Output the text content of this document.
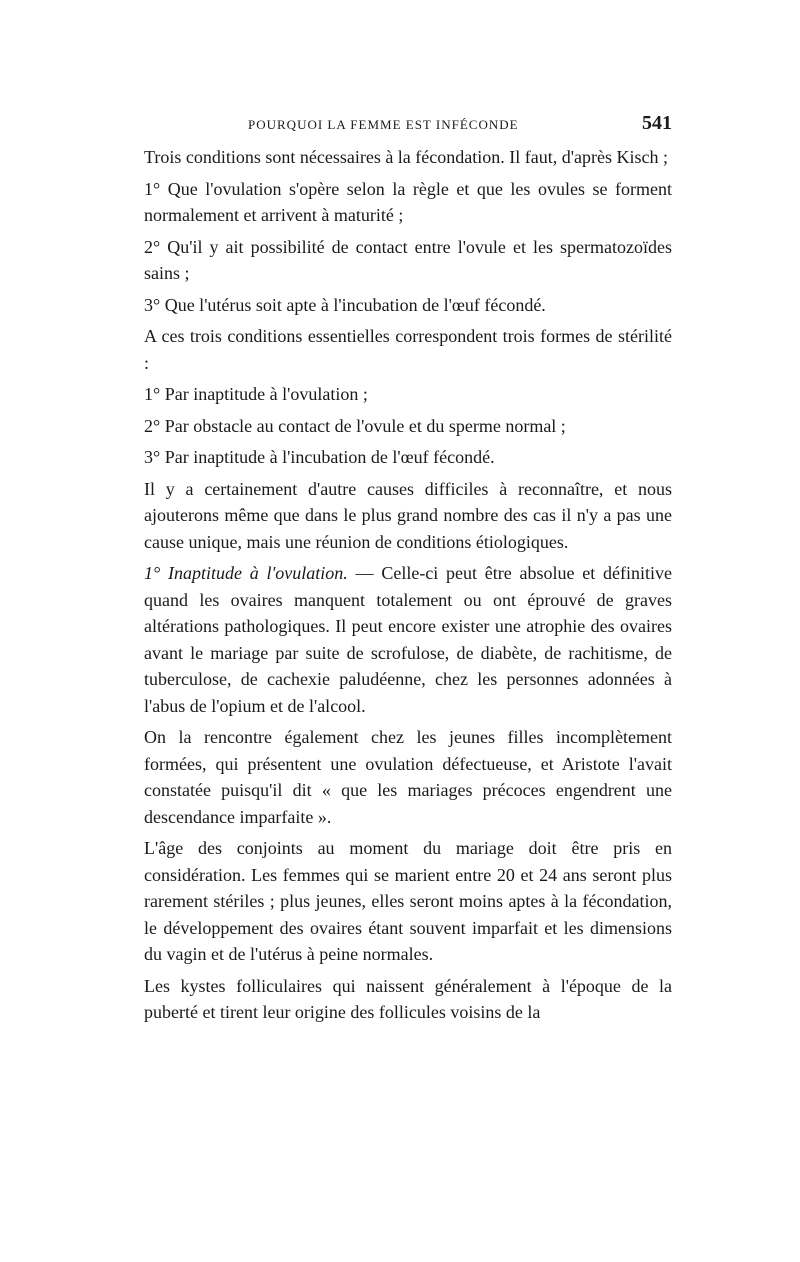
POURQUOI LA FEMME EST INFÉCONDE	541

Trois conditions sont nécessaires à la fécondation. Il faut, d'après Kisch ;

1° Que l'ovulation s'opère selon la règle et que les ovules se forment normalement et arrivent à maturité ;

2° Qu'il y ait possibilité de contact entre l'ovule et les spermatozoïdes sains ;

3° Que l'utérus soit apte à l'incubation de l'œuf fécondé.

A ces trois conditions essentielles correspondent trois formes de stérilité :

1° Par inaptitude à l'ovulation ;

2° Par obstacle au contact de l'ovule et du sperme normal ;

3° Par inaptitude à l'incubation de l'œuf fécondé.

Il y a certainement d'autre causes difficiles à reconnaître, et nous ajouterons même que dans le plus grand nombre des cas il n'y a pas une cause unique, mais une réunion de conditions étiologiques.

1° Inaptitude à l'ovulation. — Celle-ci peut être absolue et définitive quand les ovaires manquent totalement ou ont éprouvé de graves altérations pathologiques. Il peut encore exister une atrophie des ovaires avant le mariage par suite de scrofulose, de diabète, de rachitisme, de tuberculose, de cachexie paludéenne, chez les personnes adonnées à l'abus de l'opium et de l'alcool.

On la rencontre également chez les jeunes filles incomplètement formées, qui présentent une ovulation défectueuse, et Aristote l'avait constatée puisqu'il dit « que les mariages précoces engendrent une descendance imparfaite ».

L'âge des conjoints au moment du mariage doit être pris en considération. Les femmes qui se marient entre 20 et 24 ans seront plus rarement stériles ; plus jeunes, elles seront moins aptes à la fécondation, le développement des ovaires étant souvent imparfait et les dimensions du vagin et de l'utérus à peine normales.

Les kystes folliculaires qui naissent généralement à l'époque de la puberté et tirent leur origine des follicules voisins de la
